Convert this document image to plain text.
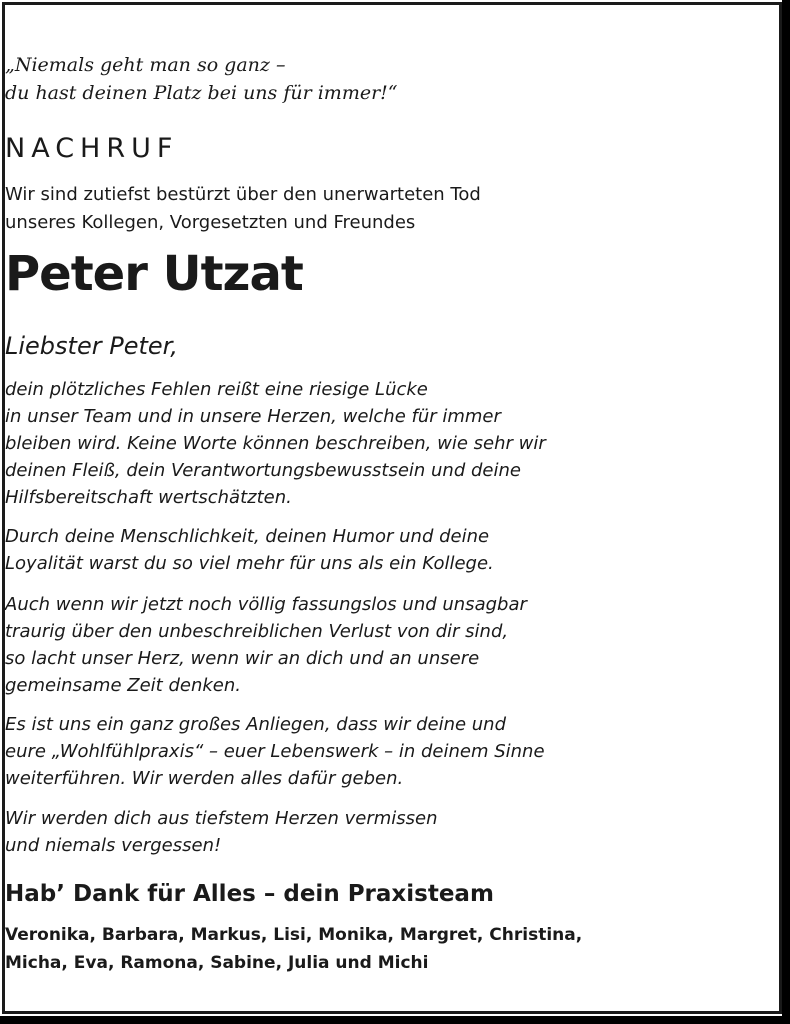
„Niemals geht man so ganz –
du hast deinen Platz bei uns für immer!“
NACHRUF
Wir sind zutiefst bestürzt über den unerwarteten Tod
unseres Kollegen, Vorgesetzten und Freundes
Peter Utzat
Liebster Peter,
dein plötzliches Fehlen reißt eine riesige Lücke
in unser Team und in unsere Herzen, welche für immer
bleiben wird. Keine Worte können beschreiben, wie sehr wir
deinen Fleiß, dein Verantwortungsbewusstsein und deine
Hilfsbereitschaft wertschätzten.
Durch deine Menschlichkeit, deinen Humor und deine
Loyalität warst du so viel mehr für uns als ein Kollege.
Auch wenn wir jetzt noch völlig fassungslos und unsagbar
traurig über den unbeschreiblichen Verlust von dir sind,
so lacht unser Herz, wenn wir an dich und an unsere
gemeinsame Zeit denken.
Es ist uns ein ganz großes Anliegen, dass wir deine und
eure „Wohlfühlpraxis“ – euer Lebenswerk – in deinem Sinne
weiterführen. Wir werden alles dafür geben.
Wir werden dich aus tiefstem Herzen vermissen
und niemals vergessen!
Hab’ Dank für Alles – dein Praxisteam
Veronika, Barbara, Markus, Lisi, Monika, Margret, Christina,
Micha, Eva, Ramona, Sabine, Julia und Michi
